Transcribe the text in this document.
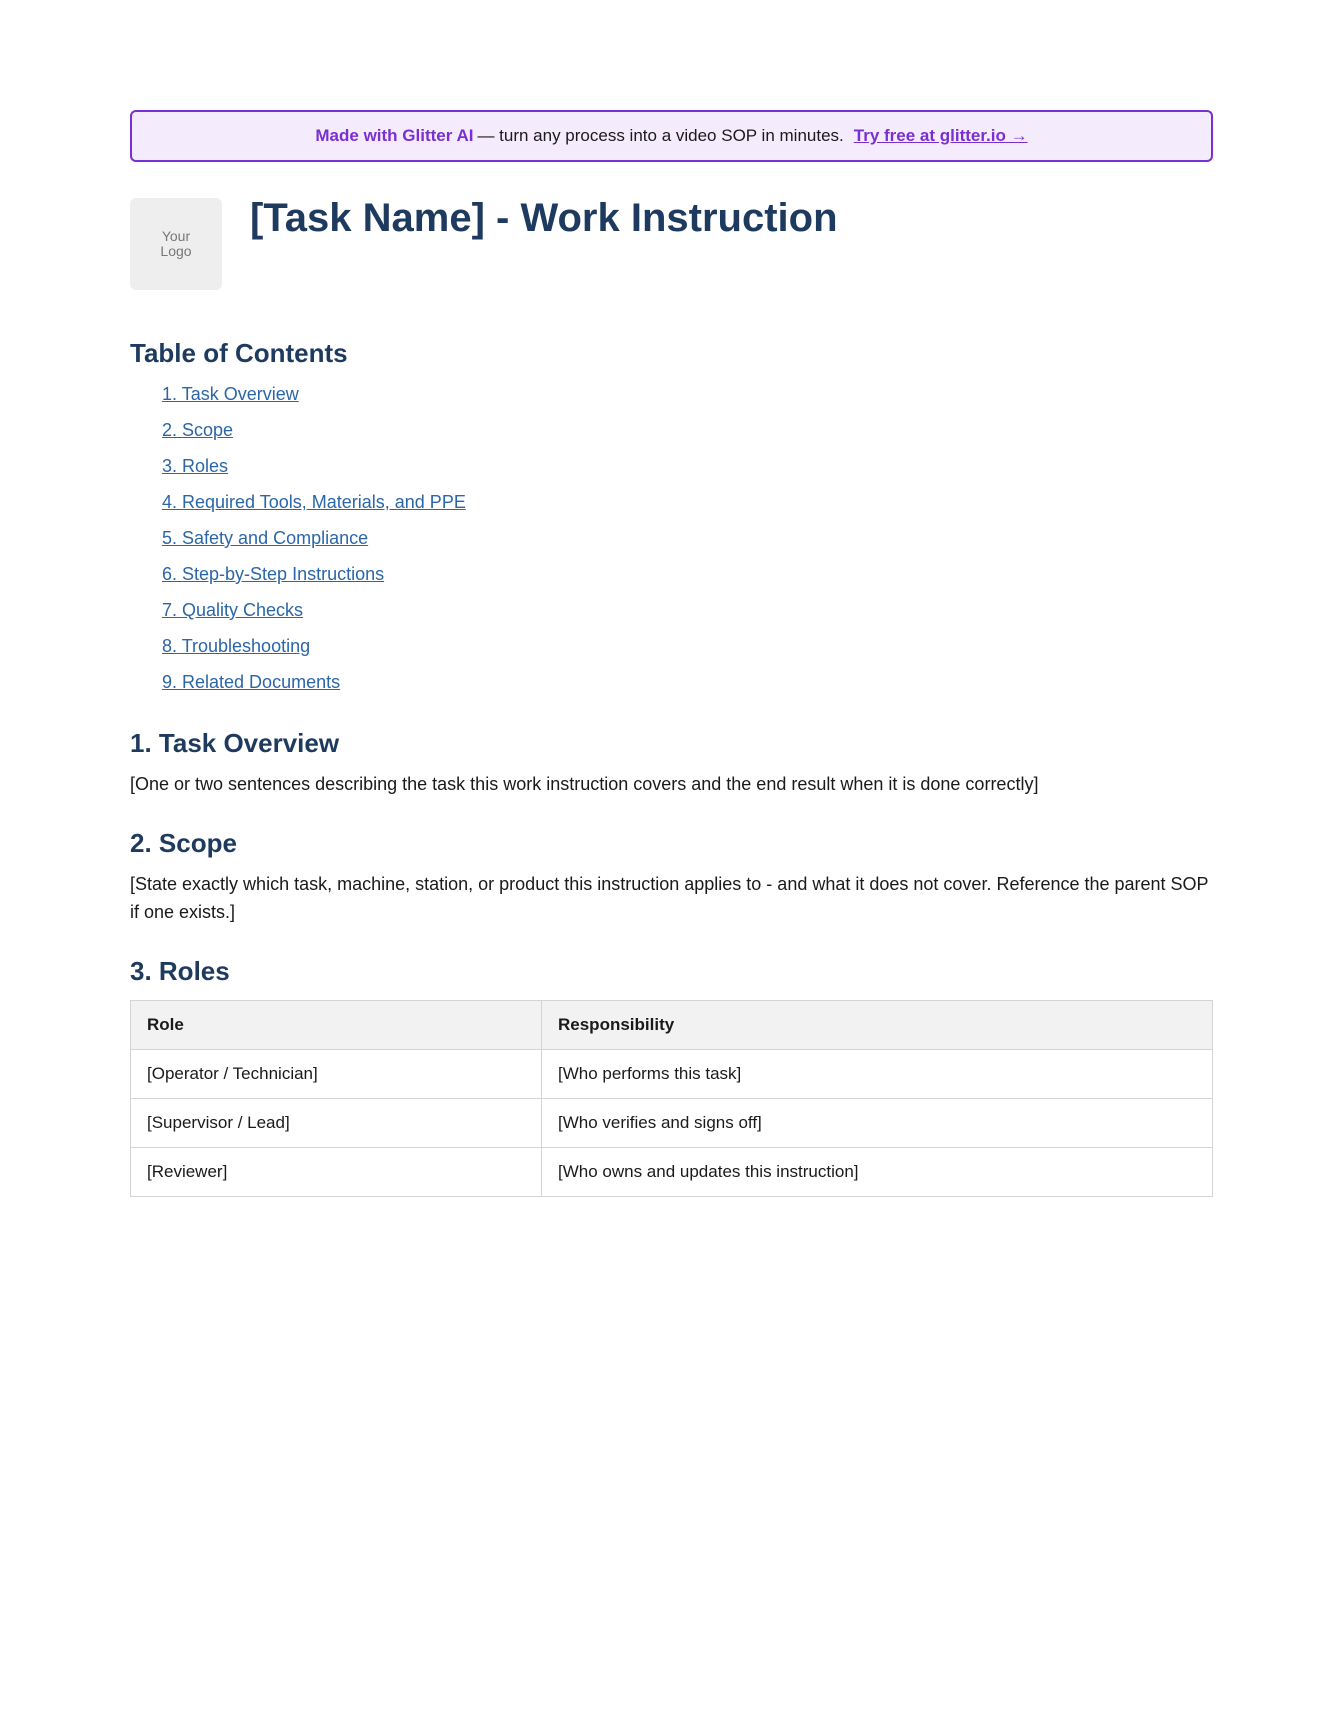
Made with Glitter AI — turn any process into a video SOP in minutes. Try free at glitter.io →
Your
Logo
[Task Name] - Work Instruction
Table of Contents
1. Task Overview
2. Scope
3. Roles
4. Required Tools, Materials, and PPE
5. Safety and Compliance
6. Step-by-Step Instructions
7. Quality Checks
8. Troubleshooting
9. Related Documents
1. Task Overview

[One or two sentences describing the task this work instruction covers and the end result when it is done correctly]

2. Scope

[State exactly which task, machine, station, or product this instruction applies to - and what it does not cover. Reference the parent SOP if one exists.]

3. Roles
Role	Responsibility
[Operator / Technician]	[Who performs this task]
[Supervisor / Lead]	[Who verifies and signs off]
[Reviewer]	[Who owns and updates this instruction]
